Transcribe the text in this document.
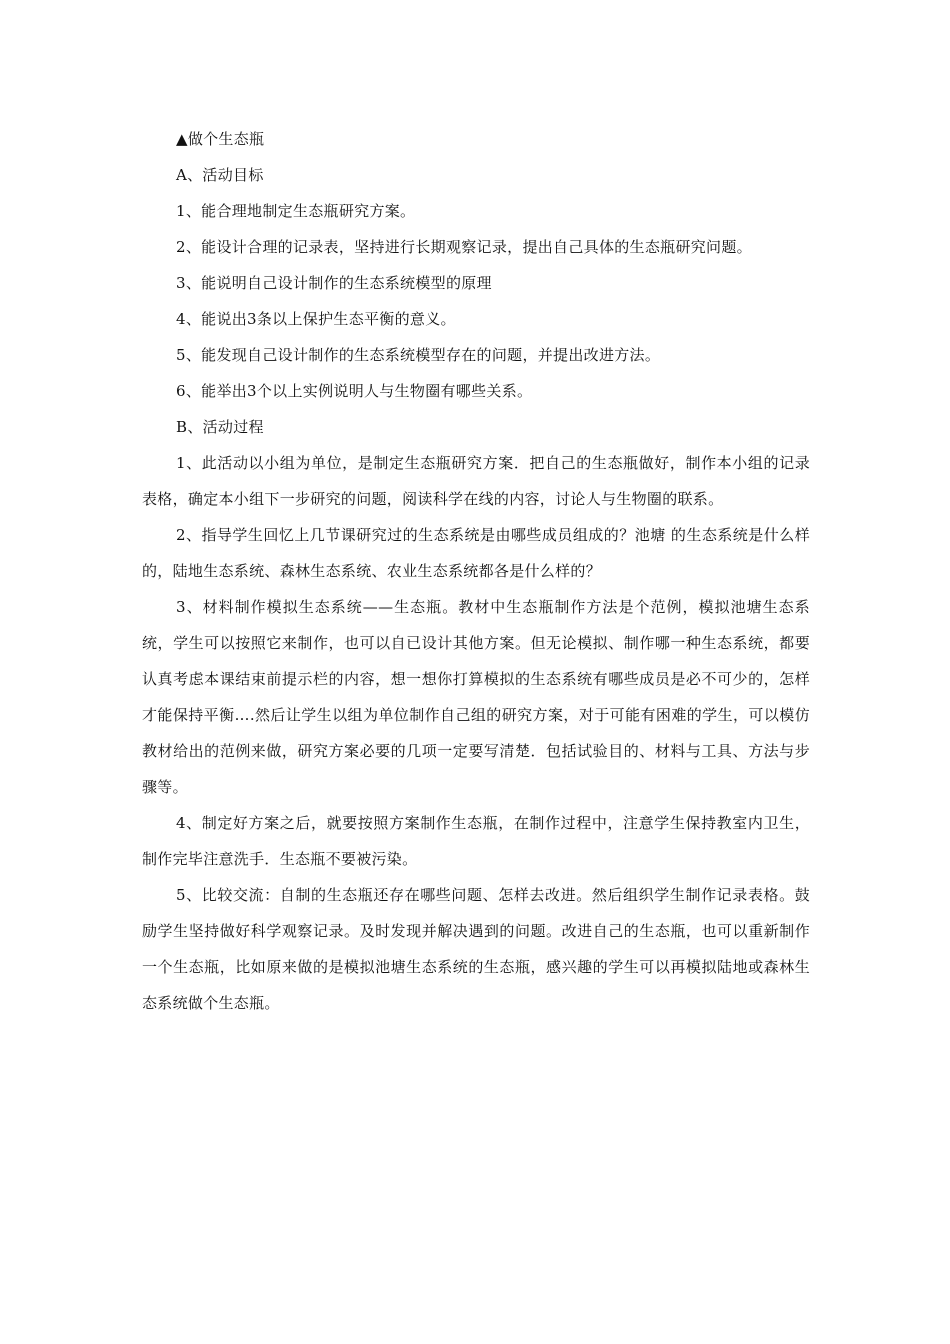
▲做个生态瓶

A、活动目标

1、能合理地制定生态瓶研究方案。

2、能设计合理的记录表，坚持进行长期观察记录，提出自己具体的生态瓶研究问题。

3、能说明自己设计制作的生态系统模型的原理

4、能说出3条以上保护生态平衡的意义。

5、能发现自己设计制作的生态系统模型存在的问题，并提出改进方法。

6、能举出3个以上实例说明人与生物圈有哪些关系。

B、活动过程

1、此活动以小组为单位，是制定生态瓶研究方案．把自己的生态瓶做好，制作本小组的记录表格，确定本小组下一步研究的问题，阅读科学在线的内容，讨论人与生物圈的联系。

2、指导学生回忆上几节课研究过的生态系统是由哪些成员组成的？池塘 的生态系统是什么样的，陆地生态系统、森林生态系统、农业生态系统都各是什么样的？

3、材料制作模拟生态系统——生态瓶。教材中生态瓶制作方法是个范例，模拟池塘生态系统，学生可以按照它来制作，也可以自已设计其他方案。但无论模拟、制作哪一种生态系统，都要认真考虑本课结束前提示栏的内容，想一想你打算模拟的生态系统有哪些成员是必不可少的，怎样才能保持平衡….然后让学生以组为单位制作自己组的研究方案，对于可能有困难的学生，可以模仿教材给出的范例来做，研究方案必要的几项一定要写清楚．包括试验目的、材料与工具、方法与步骤等。

4、制定好方案之后，就要按照方案制作生态瓶，在制作过程中，注意学生保持教室内卫生，制作完毕注意洗手．生态瓶不要被污染。

5、比较交流：自制的生态瓶还存在哪些问题、怎样去改进。然后组织学生制作记录表格。鼓励学生坚持做好科学观察记录。及时发现并解决遇到的问题。改进自己的生态瓶，也可以重新制作一个生态瓶，比如原来做的是模拟池塘生态系统的生态瓶，感兴趣的学生可以再模拟陆地或森林生态系统做个生态瓶。
